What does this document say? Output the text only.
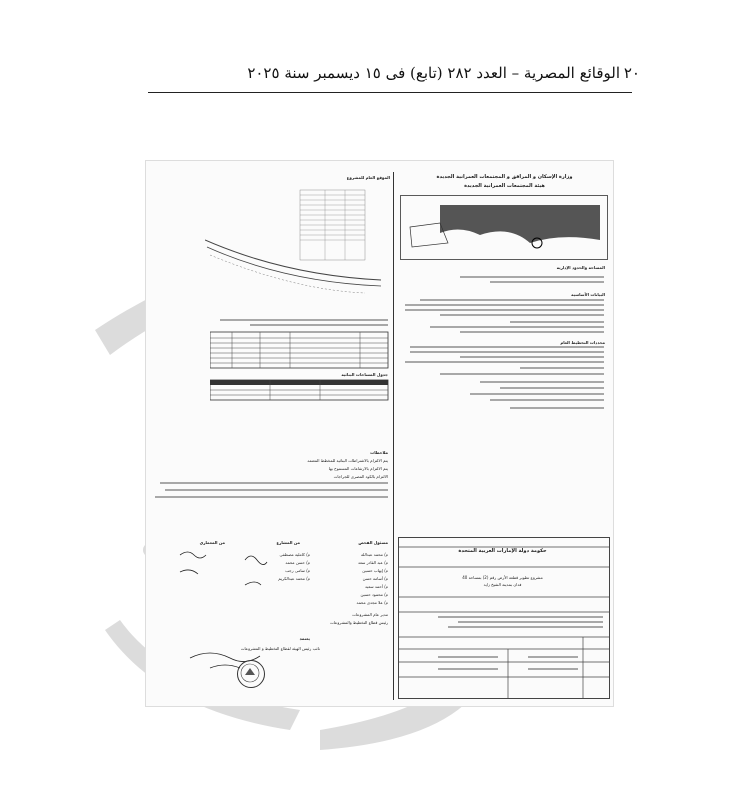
الوقائع المصرية – العدد ٢٨٢ (تابع) فى ١٥ ديسمبر سنة ٢٠٢٥ ٢٠
وزارة الإسكان و المرافق و المجتمعات العمرانية الجديدة
هيئة المجتمعات العمرانية الجديدة
المساحة والحدود الإدارية
البيانات الأساسية
محددات التخطيط العام
حكومة دولة الإمارات العربية المتحدة
مشروع تطوير قطعة الأرض رقم (2) بمساحة 40
فدان بمدينة الشيخ زايد
الموقع العام للمشروع
جدول المساحات البنائية
ملاحظات
يتم الالتزام بالاشتراطات البنائية للمخطط المعتمد
يتم الالتزام بالارتفاعات المسموح بها
الالتزام بالكود المصرى للجراجات
مسئول الفحص
من المشارع
من المعماري
م/ محمد عبدالله
م/ عبد القادر سعد
م/ إيهاب حسين
م/ أسامة حسن
م/ أحمد سعيد
م/ محمود حسين
م/ علا مجدى محمد
م/ كاملية مصطفى
م/ حسن محمد
م/ سامى رجب
م/ محمد عبدالكريم
مدير عام المشروعات
رئيس قطاع التخطيط والمشروعات
يعتمد
نائب رئيس الهيئة لقطاع التخطيط و المشروعات
